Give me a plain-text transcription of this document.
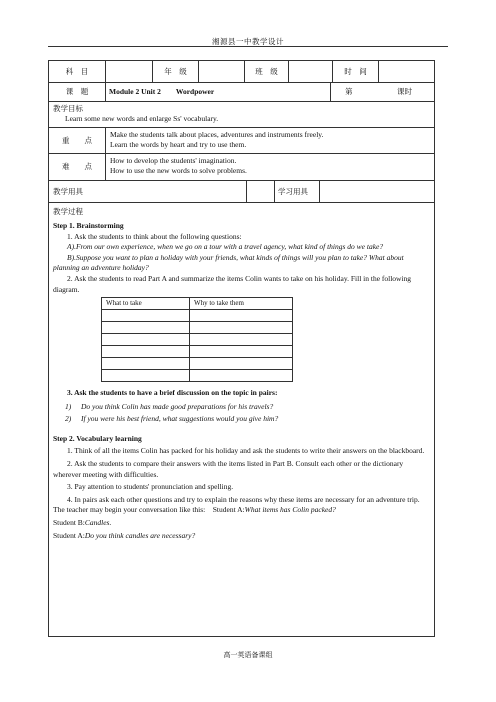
湘源县一中教学设计
科　目	年　级	班　级	时　间
课　题	Module 2 Unit 2　　Wordpower	第	课时
教学目标
Learn some new words and enlarge Ss' vocabulary.
重　　点
Make the students talk about places, adventures and instruments freely.
Learn the words by heart and try to use them.
难　　点
How to develop the students' imagination.
How to use the new words to solve problems.
教学用具	学习用具
教学过程

Step 1. Brainstorming

1. Ask the students to think about the following questions:

A).From our own experience, when we go on a tour with a travel agency, what kind of things do we take?

B).Suppose you want to plan a holiday with your friends, what kinds of things will you plan to take? What about planning an adventure holiday?

2. Ask the students to read Part A and summarize the items Colin wants to take on his holiday. Fill in the following diagram.

What to take	Why to take them

3. Ask the students to have a brief discussion on the topic in pairs:

1) Do you think Colin has made good preparations for his travels?
2) If you were his best friend, what suggestions would you give him?

Step 2. Vocabulary learning

1. Think of all the items Colin has packed for his holiday and ask the students to write their answers on the blackboard.

2. Ask the students to compare their answers with the items listed in Part B. Consult each other or the dictionary wherever meeting with difficulties.

3. Pay attention to students' pronunciation and spelling.

4. In pairs ask each other questions and try to explain the reasons why these items are necessary for an adventure trip.　The teacher may begin your conversation like this:　Student A:What items has Colin packed?

Student B:Candles.

Student A:Do you think candles are necessary?

高一英语备课组
